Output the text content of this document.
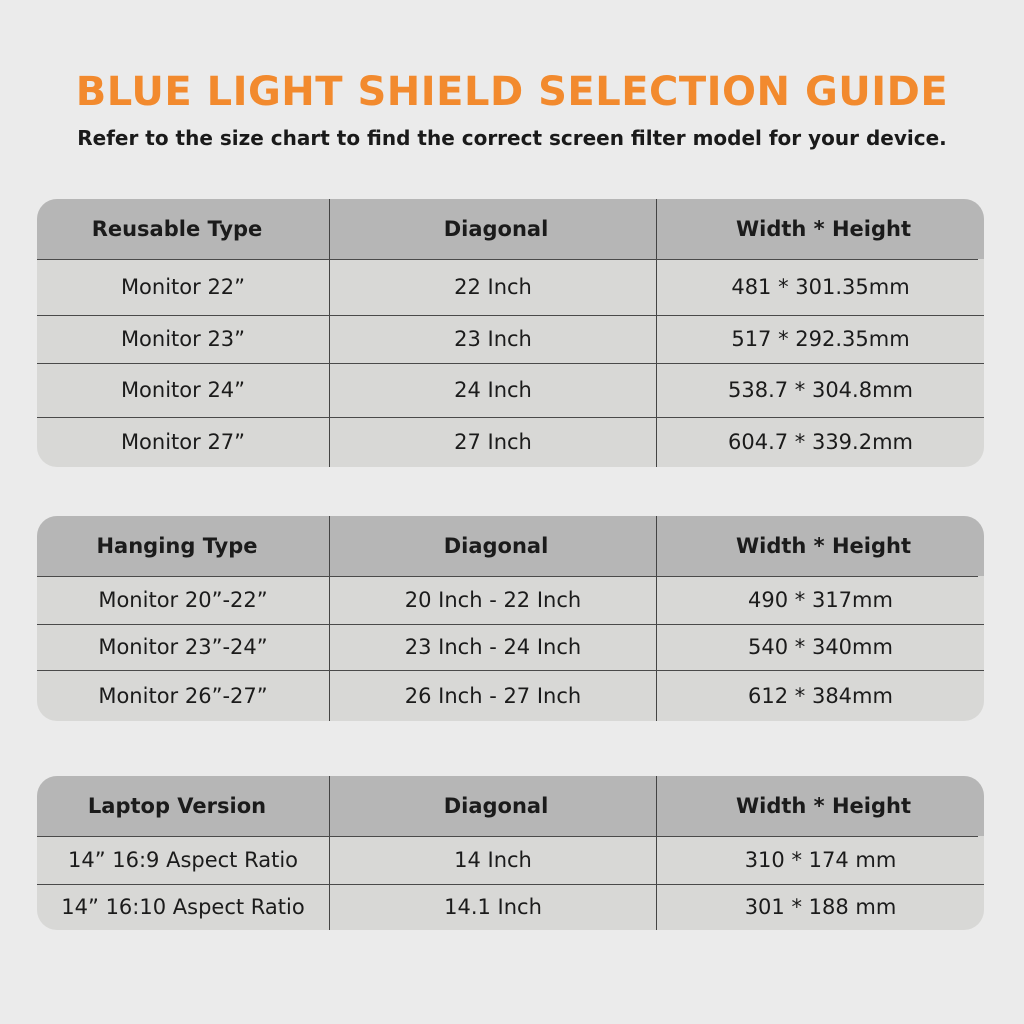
BLUE LIGHT SHIELD SELECTION GUIDE
Refer to the size chart to find the correct screen filter model for your device.
Reusable Type	Diagonal	Width * Height
Monitor 22”	22 Inch	481 * 301.35mm
Monitor 23”	23 Inch	517 * 292.35mm
Monitor 24”	24 Inch	538.7 * 304.8mm
Monitor 27”	27 Inch	604.7 * 339.2mm
Hanging Type	Diagonal	Width * Height
Monitor 20”-22”	20 Inch - 22 Inch	490 * 317mm
Monitor 23”-24”	23 Inch - 24 Inch	540 * 340mm
Monitor 26”-27”	26 Inch - 27 Inch	612 * 384mm
Laptop Version	Diagonal	Width * Height
14” 16:9 Aspect Ratio	14 Inch	310 * 174 mm
14” 16:10 Aspect Ratio	14.1 Inch	301 * 188 mm
